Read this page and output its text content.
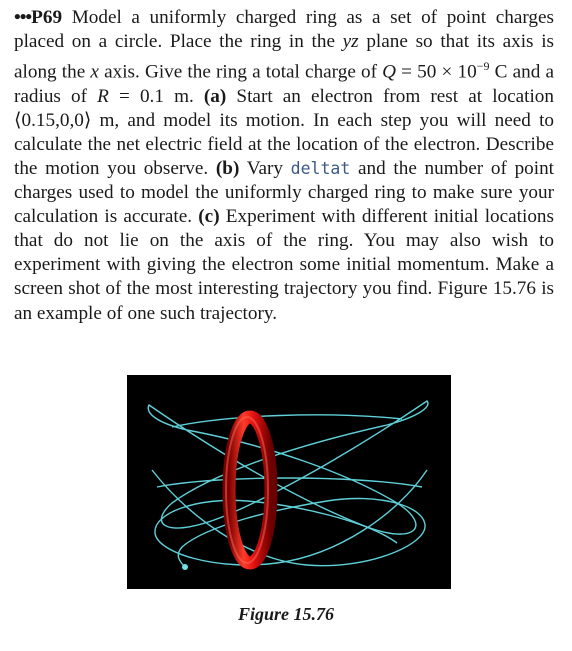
•••P69 Model a uniformly charged ring as a set of point charges placed on a circle. Place the ring in the yz plane so that its axis is along the x axis. Give the ring a total charge of $Q = 50 \times 10^{-9}$ C and a radius of R = 0.1 m. (a) Start an electron from rest at location ⟨0.15,0,0⟩ m, and model its motion. In each step you will need to calculate the net electric field at the location of the electron. Describe the motion you observe. (b) Vary deltat and the number of point charges used to model the uniformly charged ring to make sure your calculation is accurate. (c) Experiment with different initial locations that do not lie on the axis of the ring. You may also wish to experiment with giving the electron some initial momentum. Make a screen shot of the most interesting trajectory you find. Figure 15.76 is an example of one such trajectory.

Figure 15.76
